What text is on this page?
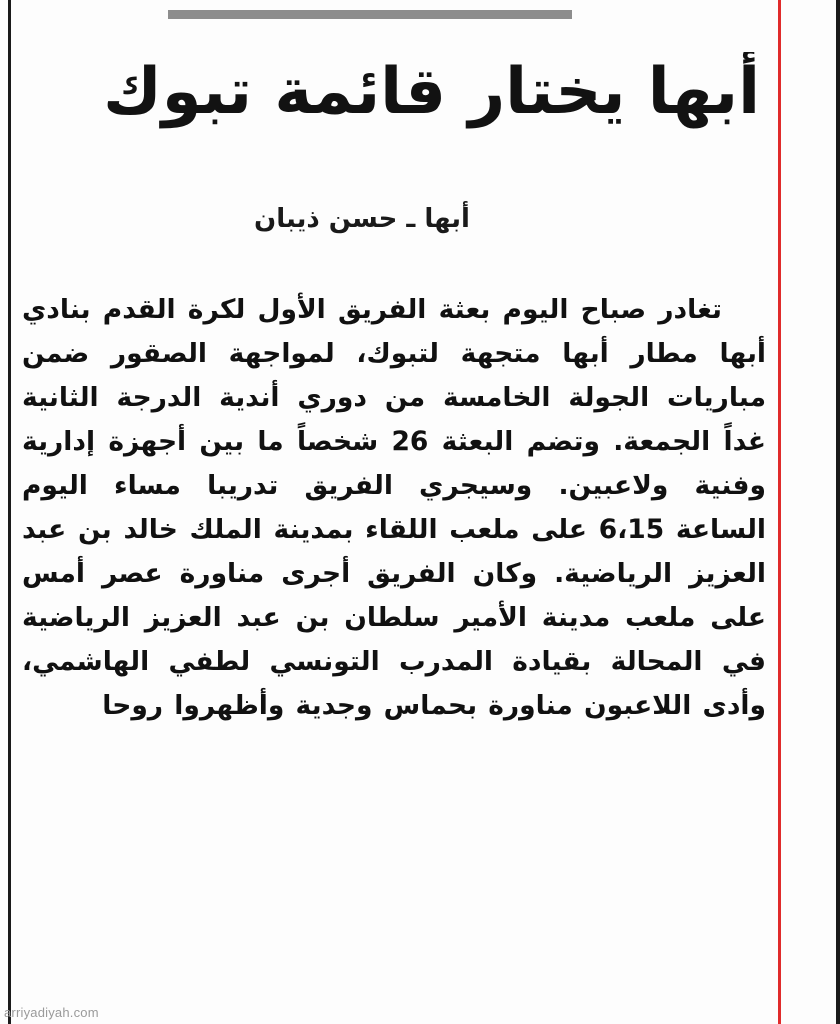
أبها يختار قائمة تبوك
أبها ـ حسن ذيبان

تغادر صباح اليوم بعثة الفريق الأول لكرة القدم بنادي أبها مطار أبها متجهة لتبوك، لمواجهة الصقور ضمن مباريات الجولة الخامسة من دوري أندية الدرجة الثانية غداً الجمعة. وتضم البعثة 26 شخصاً ما بين أجهزة إدارية وفنية ولاعبين. وسيجري الفريق تدريبا مساء اليوم الساعة 6،15 على ملعب اللقاء بمدينة الملك خالد بن عبد العزيز الرياضية. وكان الفريق أجرى مناورة عصر أمس على ملعب مدينة الأمير سلطان بن عبد العزيز الرياضية في المحالة بقيادة المدرب التونسي لطفي الهاشمي، وأدى اللاعبون مناورة بحماس وجدية وأظهروا روحا

arriyadiyah.com
